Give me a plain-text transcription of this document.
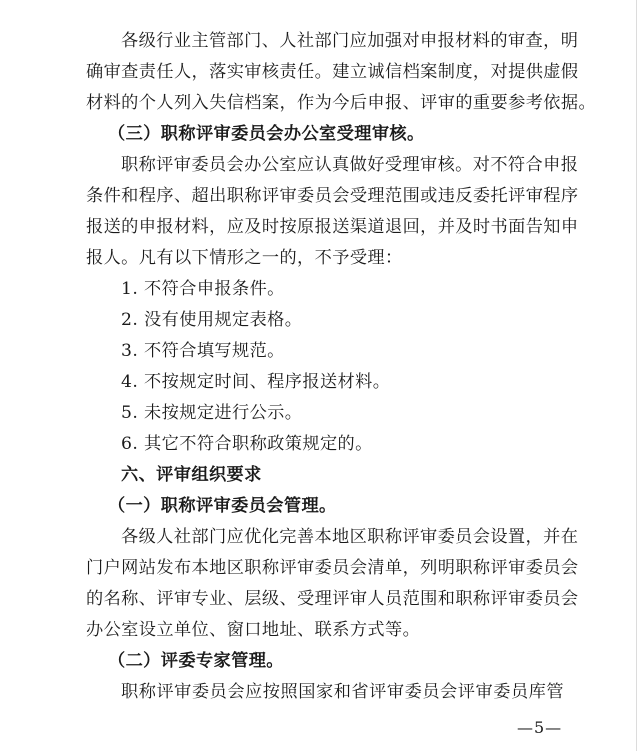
各级行业主管部门、人社部门应加强对申报材料的审查，明
确审查责任人，落实审核责任。建立诚信档案制度，对提供虚假
材料的个人列入失信档案，作为今后申报、评审的重要参考依据。
（三）职称评审委员会办公室受理审核。
职称评审委员会办公室应认真做好受理审核。对不符合申报
条件和程序、超出职称评审委员会受理范围或违反委托评审程序
报送的申报材料，应及时按原报送渠道退回，并及时书面告知申
报人。凡有以下情形之一的，不予受理：
1. 不符合申报条件。
2. 没有使用规定表格。
3. 不符合填写规范。
4. 不按规定时间、程序报送材料。
5. 未按规定进行公示。
6. 其它不符合职称政策规定的。
六、评审组织要求
（一）职称评审委员会管理。
各级人社部门应优化完善本地区职称评审委员会设置，并在
门户网站发布本地区职称评审委员会清单，列明职称评审委员会
的名称、评审专业、层级、受理评审人员范围和职称评审委员会
办公室设立单位、窗口地址、联系方式等。
（二）评委专家管理。
职称评审委员会应按照国家和省评审委员会评审委员库管
—5—
